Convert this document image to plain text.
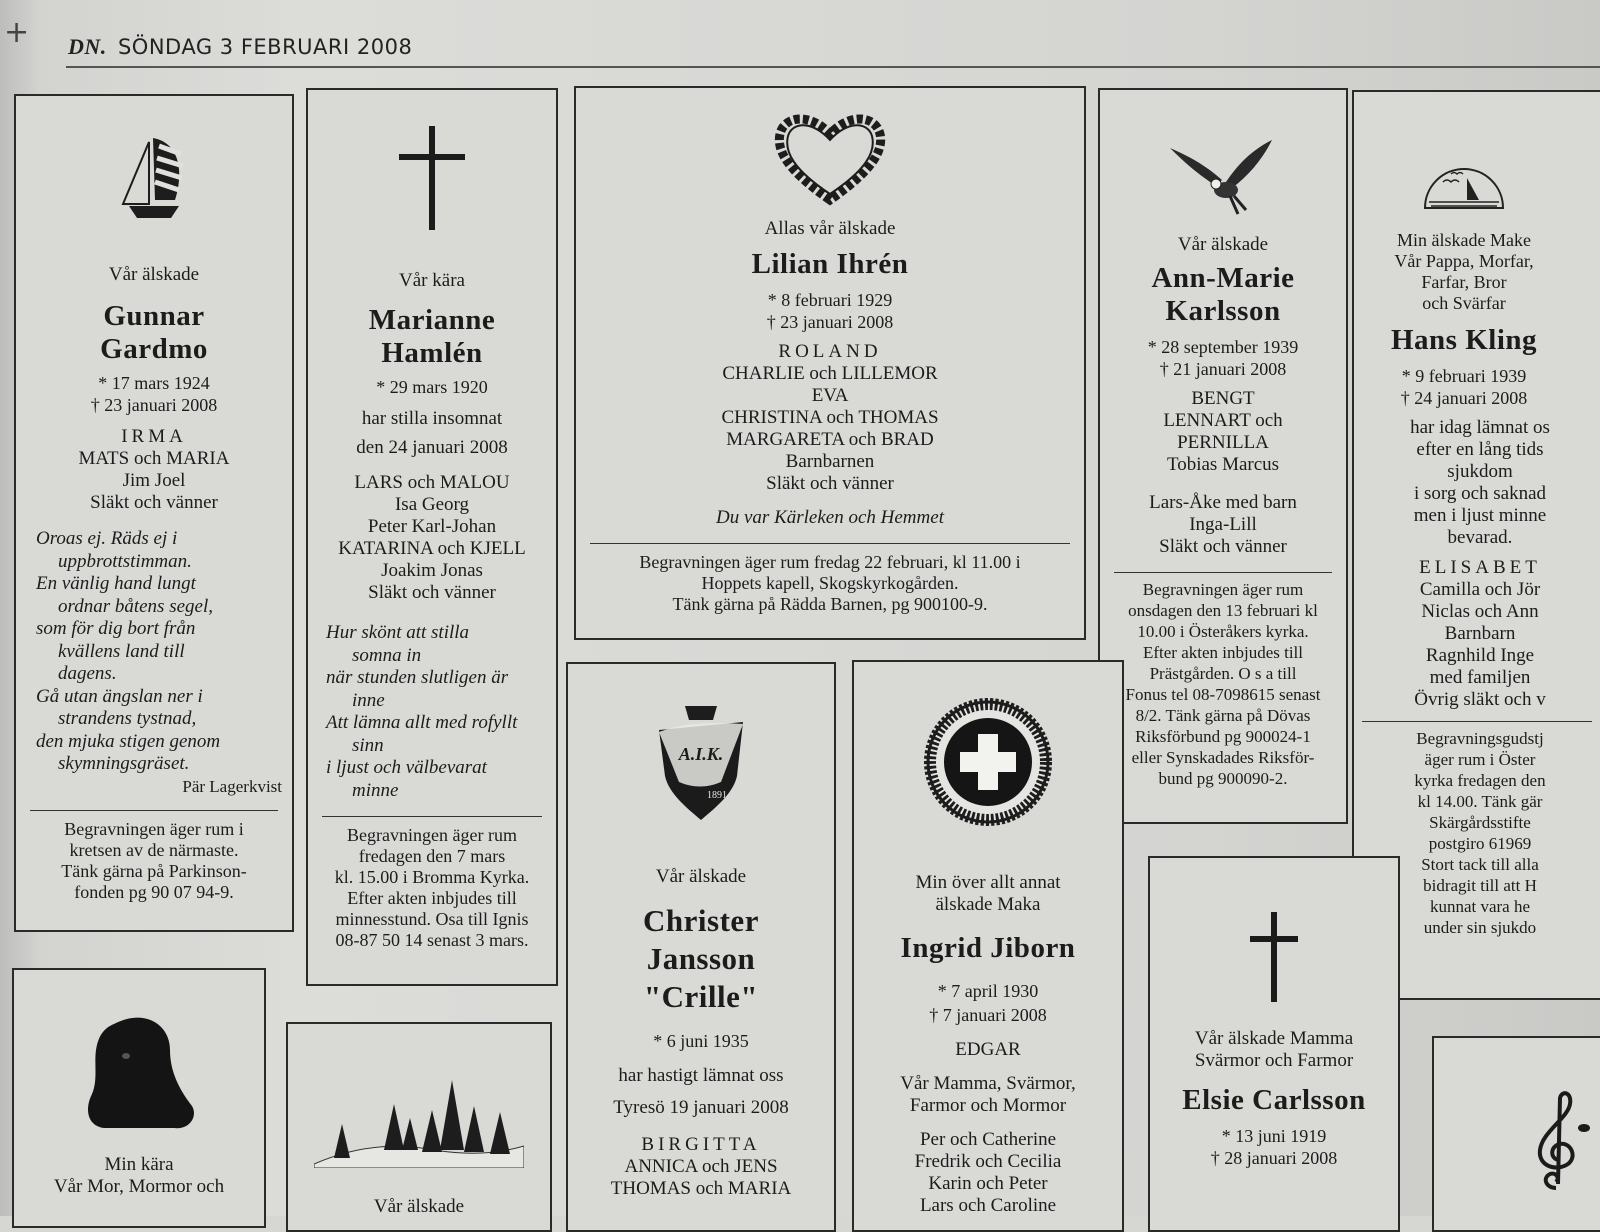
+ DN. SÖNDAG 3 FEBRUARI 2008
Vår älskade
Gunnar
Gardmo
* 17 mars 1924
† 23 januari 2008
IRMA
MATS och MARIA
Jim Joel
Släkt och vänner
Oroas ej. Räds ej i
uppbrottstimman.
En vänlig hand lungt
ordnar båtens segel,
som för dig bort från
kvällens land till
dagens.
Gå utan ängslan ner i
strandens tystnad,
den mjuka stigen genom
skymningsgräset.
Pär Lagerkvist
Begravningen äger rum i
kretsen av de närmaste.
Tänk gärna på Parkinson-
fonden pg 90 07 94-9.
Vår kära
Marianne
Hamlén
* 29 mars 1920
har stilla insomnat
den 24 januari 2008
LARS och MALOU
Isa Georg
Peter Karl-Johan
KATARINA och KJELL
Joakim Jonas
Släkt och vänner
Hur skönt att stilla
somna in
när stunden slutligen är
inne
Att lämna allt med rofyllt
sinn
i ljust och välbevarat
minne
Begravningen äger rum
fredagen den 7 mars
kl. 15.00 i Bromma Kyrka.
Efter akten inbjudes till
minnesstund. Osa till Ignis
08-87 50 14 senast 3 mars.
Allas vår älskade
Lilian Ihrén
* 8 februari 1929
† 23 januari 2008
ROLAND
CHARLIE och LILLEMOR
EVA
CHRISTINA och THOMAS
MARGARETA och BRAD
Barnbarnen
Släkt och vänner
Du var Kärleken och Hemmet
Begravningen äger rum fredag 22 februari, kl 11.00 i
Hoppets kapell, Skogskyrkogården.
Tänk gärna på Rädda Barnen, pg 900100-9.
Vår älskade
Ann-Marie
Karlsson
* 28 september 1939
† 21 januari 2008
BENGT
LENNART och
PERNILLA
Tobias Marcus
Lars-Åke med barn
Inga-Lill
Släkt och vänner
Begravningen äger rum
onsdagen den 13 februari kl
10.00 i Österåkers kyrka.
Efter akten inbjudes till
Prästgården. O s a till
Fonus tel 08-7098615 senast
8/2. Tänk gärna på Dövas
Riksförbund pg 900024-1
eller Synskadades Riksför-
bund pg 900090-2.
Min älskade Make
Vår Pappa, Morfar,
Farfar, Bror
och Svärfar
Hans Kling
* 9 februari 1939
† 24 januari 2008
har idag lämnat os
efter en lång tids
sjukdom
i sorg och saknad
men i ljust minne
bevarad.
ELISABET
Camilla och Jör
Niclas och Ann
Barnbarn
Ragnhild Inge
med familjen
Övrig släkt och v
Begravningsgudstj
äger rum i Öster
kyrka fredagen den
kl 14.00. Tänk gär
Skärgårdsstifte
postgiro 61969
Stort tack till alla
bidragit till att H
kunnat vara he
under sin sjukdo
Min kära
Vår Mor, Mormor och
Vår älskade
A.I.K.
1891
Vår älskade
Christer
Jansson
"Crille"
* 6 juni 1935
har hastigt lämnat oss
Tyresö 19 januari 2008
BIRGITTA
ANNICA och JENS
THOMAS och MARIA
Min över allt annat
älskade Maka
Ingrid Jiborn
* 7 april 1930
† 7 januari 2008
EDGAR
Vår Mamma, Svärmor,
Farmor och Mormor
Per och Catherine
Fredrik och Cecilia
Karin och Peter
Lars och Caroline
Vår älskade Mamma
Svärmor och Farmor
Elsie Carlsson
* 13 juni 1919
† 28 januari 2008
